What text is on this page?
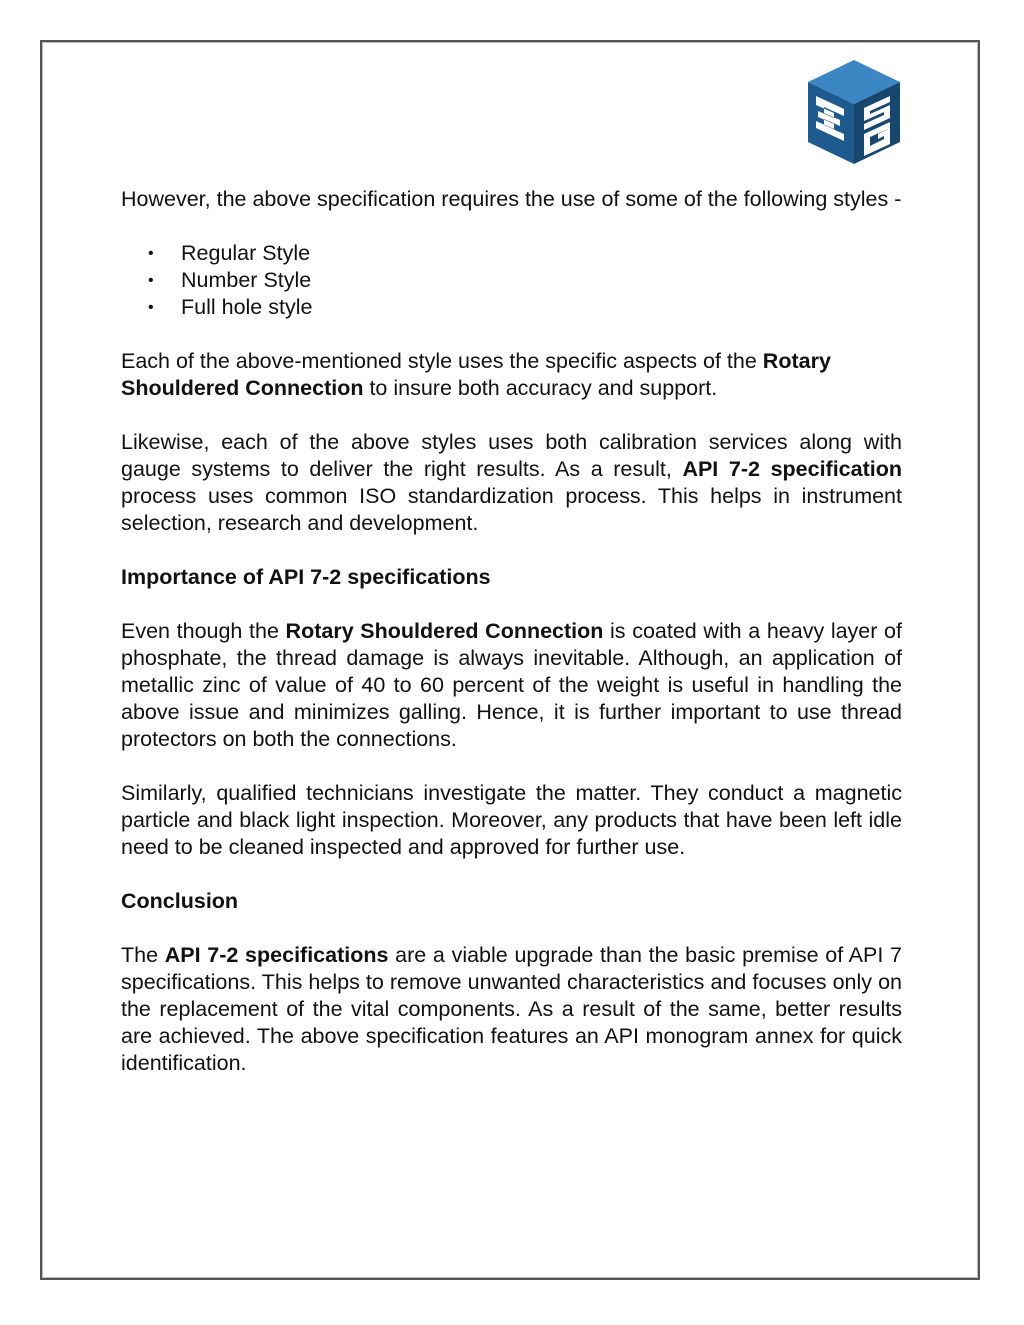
However, the above specification requires the use of some of the following styles -

• Regular Style
• Number Style
• Full hole style

Each of the above-mentioned style uses the specific aspects of the Rotary Shouldered Connection to insure both accuracy and support.

Likewise, each of the above styles uses both calibration services along with gauge systems to deliver the right results. As a result, API 7-2 specification process uses common ISO standardization process. This helps in instrument selection, research and development.

Importance of API 7-2 specifications

Even though the Rotary Shouldered Connection is coated with a heavy layer of phosphate, the thread damage is always inevitable. Although, an application of metallic zinc of value of 40 to 60 percent of the weight is useful in handling the above issue and minimizes galling. Hence, it is further important to use thread protectors on both the connections.

Similarly, qualified technicians investigate the matter. They conduct a magnetic particle and black light inspection. Moreover, any products that have been left idle need to be cleaned inspected and approved for further use.

Conclusion

The API 7-2 specifications are a viable upgrade than the basic premise of API 7 specifications. This helps to remove unwanted characteristics and focuses only on the replacement of the vital components. As a result of the same, better results are achieved. The above specification features an API monogram annex for quick identification.
